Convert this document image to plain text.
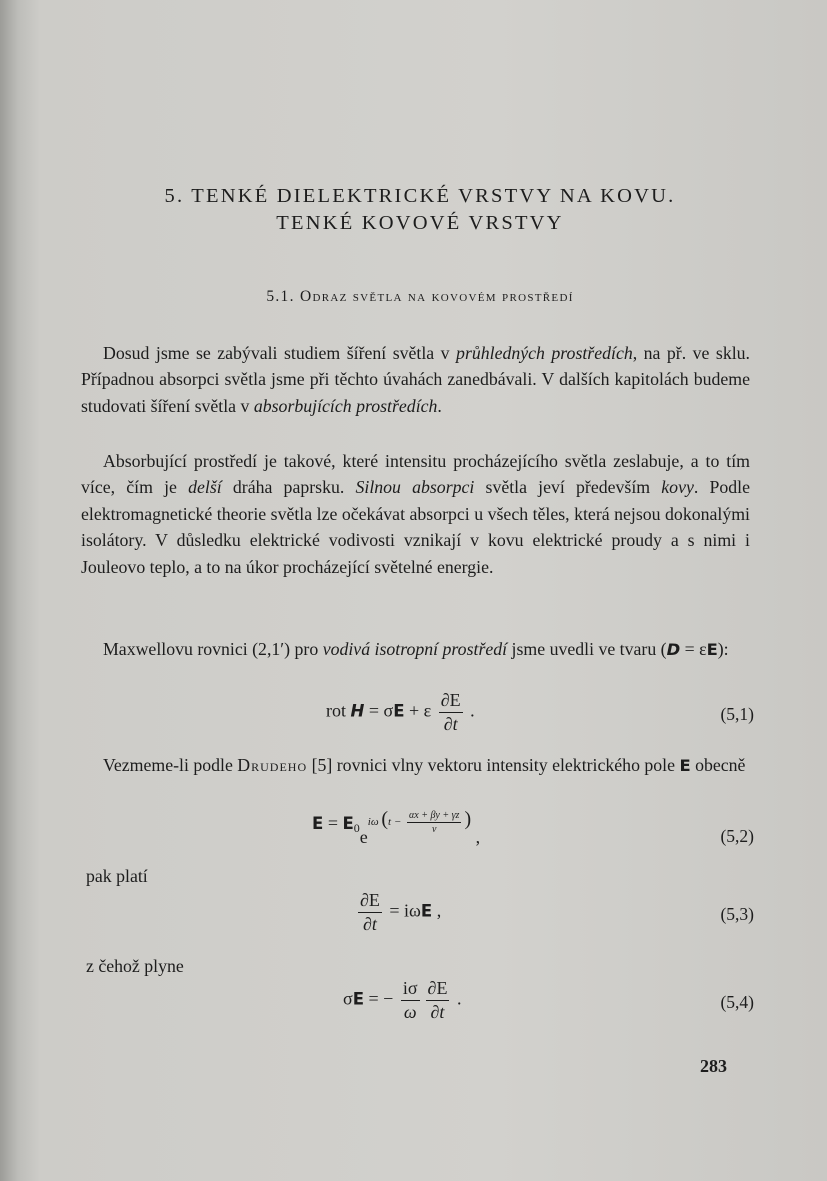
5. TENKÉ DIELEKTRICKÉ VRSTVY NA KOVU.
TENKÉ KOVOVÉ VRSTVY
5.1. Odraz světla na kovovém prostředí
Dosud jsme se zabývali studiem šíření světla v průhledných prostředích, na př. ve sklu. Případnou absorpci světla jsme při těchto úvahách zanedbávali. V dalších kapitolách budeme studovati šíření světla v absorbujících prostředích.
Absorbující prostředí je takové, které intensitu procházejícího světla zeslabuje, a to tím více, čím je delší dráha paprsku. Silnou absorpci světla jeví především kovy. Podle elektromagnetické theorie světla lze očekávat absorpci u všech těles, která nejsou dokonalými isolátory. V důsledku elektrické vodivosti vznikají v kovu elektrické proudy a s nimi i Jouleovo teplo, a to na úkor procházející světelné energie.
Maxwellovu rovnici (2,1′) pro vodivá isotropní prostředí jsme uvedli ve tvaru (D = εE):
rot H = σE + ε $\frac{\partial E}{\partial t}$ .	(5,1)
Vezmeme-li podle Drudeho [5] rovnici vlny vektoru intensity elektrického pole E obecně
$E = E_0ei\omega$ ($t - \frac{\alpha x + \beta y + \gamma z}{v}$ ) ,	(5,2)
pak platí
$\frac{\partial E}{\partial t} = i\omega E$ ,	(5,3)
z čehož plyne
σE = − $\frac{i\sigma}{\omega} \frac{\partial E}{\partial t}$ .	(5,4)
283
